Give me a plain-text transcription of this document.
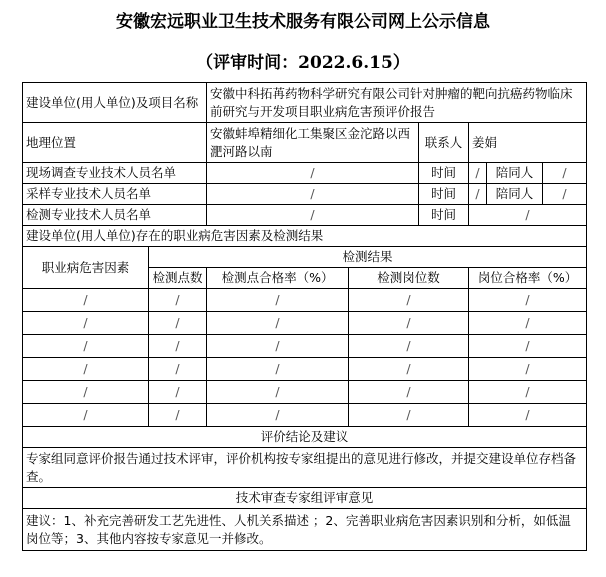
安徽宏远职业卫生技术服务有限公司网上公示信息
（评审时间：2022.6.15）
建设单位(用人单位)及项目名称		安徽中科拓苒药物科学研究有限公司针对肿瘤的靶向抗癌药物临床前研究与开发项目职业病危害预评价报告					
地理位置		安徽蚌埠精细化工集聚区金沱路以西淝河路以南		联系人	姜娟		
现场调查专业技术人员名单		/		时间	/	陪同人	/
采样专业技术人员名单		/		时间	/	陪同人	/
检测专业技术人员名单		/		时间	/		
建设单位(用人单位)存在的职业病危害因素及检测结果							
职业病危害因素	检测结果						
	检测点数	检测点合格率（%）	检测岗位数		岗位合格率（%）		
/	/	/	/		/		
/	/	/	/		/		
/	/	/	/		/		
/	/	/	/		/		
/	/	/	/		/		
/	/	/	/		/		
评价结论及建议							
专家组同意评价报告通过技术评审，评价机构按专家组提出的意见进行修改，并提交建设单位存档备查。							
技术审查专家组评审意见							
建议：1、补充完善研发工艺先进性、人机关系描述 ；2、完善职业病危害因素识别和分析，如低温岗位等；3、其他内容按专家意见一并修改。							
